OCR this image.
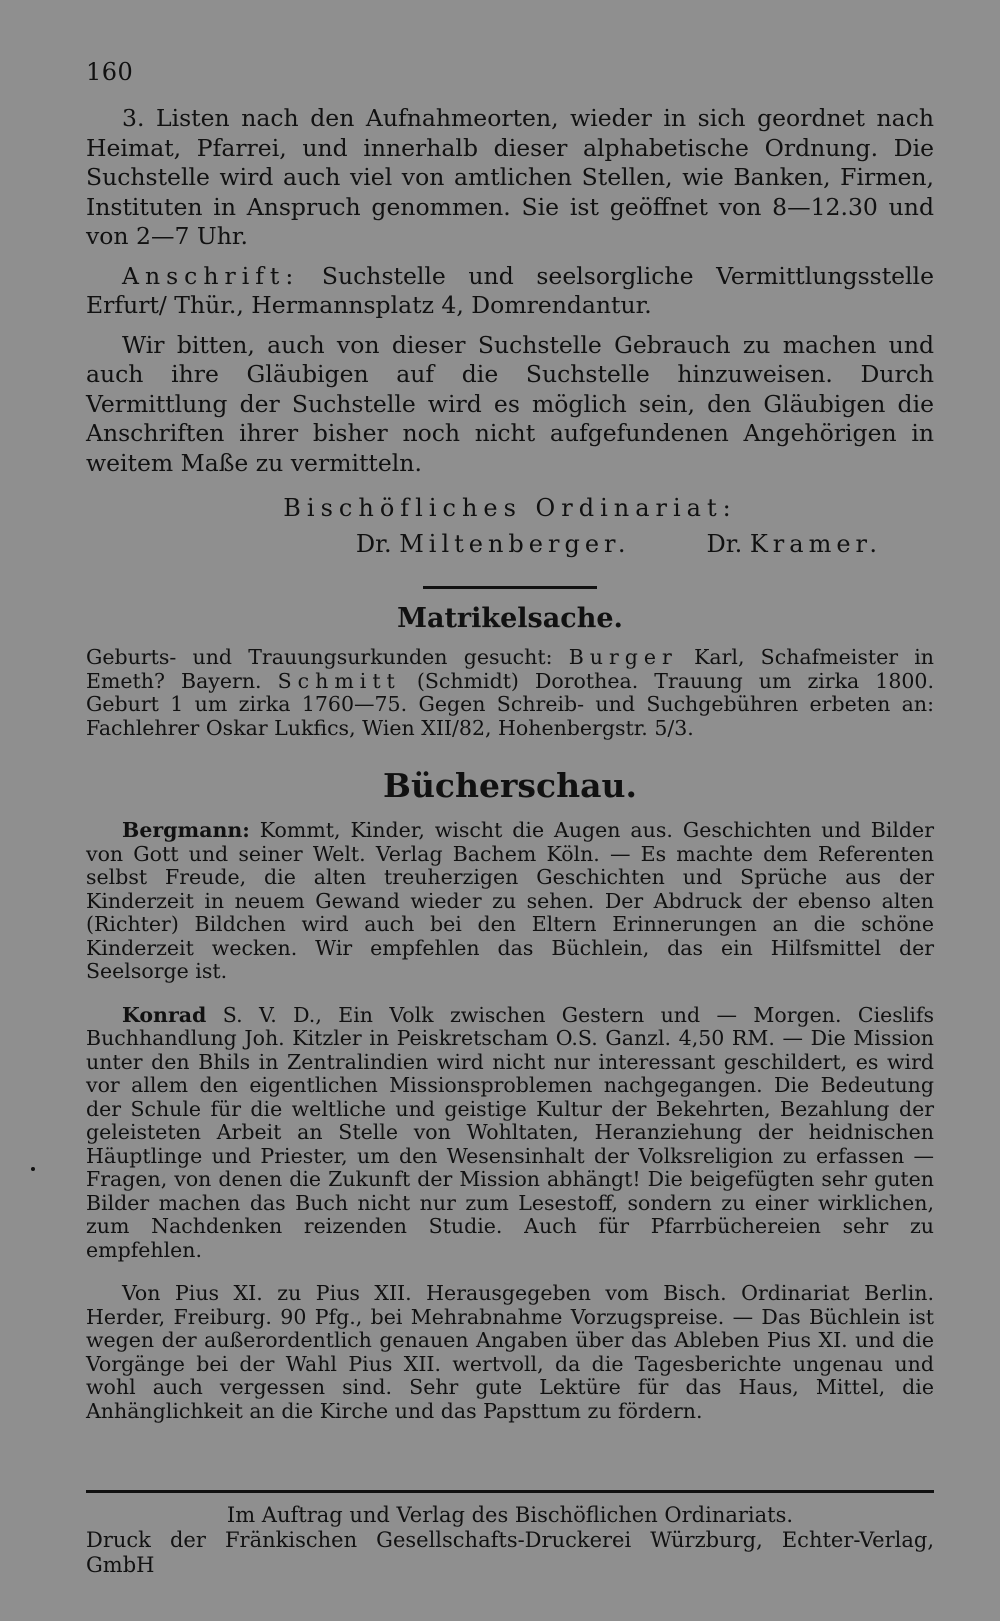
160

3. Listen nach den Aufnahmeorten, wieder in sich geordnet nach Heimat, Pfarrei, und innerhalb dieser alphabetische Ordnung. Die Suchstelle wird auch viel von amtlichen Stellen, wie Banken, Firmen, Instituten in Anspruch genommen. Sie ist geöffnet von 8—12.30 und von 2—7 Uhr.

Anschrift: Suchstelle und seelsorgliche Vermittlungsstelle Erfurt/ Thür., Hermannsplatz 4, Domrendantur.

Wir bitten, auch von dieser Suchstelle Gebrauch zu machen und auch ihre Gläubigen auf die Suchstelle hinzuweisen. Durch Vermittlung der Suchstelle wird es möglich sein, den Gläubigen die Anschriften ihrer bisher noch nicht aufgefundenen Angehörigen in weitem Maße zu vermitteln.

Bischöfliches Ordinariat:
Dr. Miltenberger.	Dr. Kramer.
Matrikelsache.

Geburts- und Trauungsurkunden gesucht: Burger Karl, Schafmeister in Emeth? Bayern. Schmitt (Schmidt) Dorothea. Trauung um zirka 1800. Geburt 1 um zirka 1760—75. Gegen Schreib- und Suchgebühren erbeten an: Fachlehrer Oskar Lukfics, Wien XII/82, Hohenbergstr. 5/3.

Bücherschau.

Bergmann: Kommt, Kinder, wischt die Augen aus. Geschichten und Bilder von Gott und seiner Welt. Verlag Bachem Köln. — Es machte dem Referenten selbst Freude, die alten treuherzigen Geschichten und Sprüche aus der Kinderzeit in neuem Gewand wieder zu sehen. Der Abdruck der ebenso alten (Richter) Bildchen wird auch bei den Eltern Erinnerungen an die schöne Kinderzeit wecken. Wir empfehlen das Büchlein, das ein Hilfsmittel der Seelsorge ist.

Konrad S. V. D., Ein Volk zwischen Gestern und — Morgen. Cieslifs Buchhandlung Joh. Kitzler in Peiskretscham O.S. Ganzl. 4,50 RM. — Die Mission unter den Bhils in Zentralindien wird nicht nur interessant geschildert, es wird vor allem den eigentlichen Missionsproblemen nachgegangen. Die Bedeutung der Schule für die weltliche und geistige Kultur der Bekehrten, Bezahlung der geleisteten Arbeit an Stelle von Wohltaten, Heranziehung der heidnischen Häuptlinge und Priester, um den Wesensinhalt der Volksreligion zu erfassen — Fragen, von denen die Zukunft der Mission abhängt! Die beigefügten sehr guten Bilder machen das Buch nicht nur zum Lesestoff, sondern zu einer wirklichen, zum Nachdenken reizenden Studie. Auch für Pfarrbüchereien sehr zu empfehlen.

Von Pius XI. zu Pius XII. Herausgegeben vom Bisch. Ordinariat Berlin. Herder, Freiburg. 90 Pfg., bei Mehrabnahme Vorzugspreise. — Das Büchlein ist wegen der außerordentlich genauen Angaben über das Ableben Pius XI. und die Vorgänge bei der Wahl Pius XII. wertvoll, da die Tagesberichte ungenau und wohl auch vergessen sind. Sehr gute Lektüre für das Haus, Mittel, die Anhänglichkeit an die Kirche und das Papsttum zu fördern.

Im Auftrag und Verlag des Bischöflichen Ordinariats.

Druck der Fränkischen Gesellschafts-Druckerei Würzburg, Echter-Verlag, GmbH
